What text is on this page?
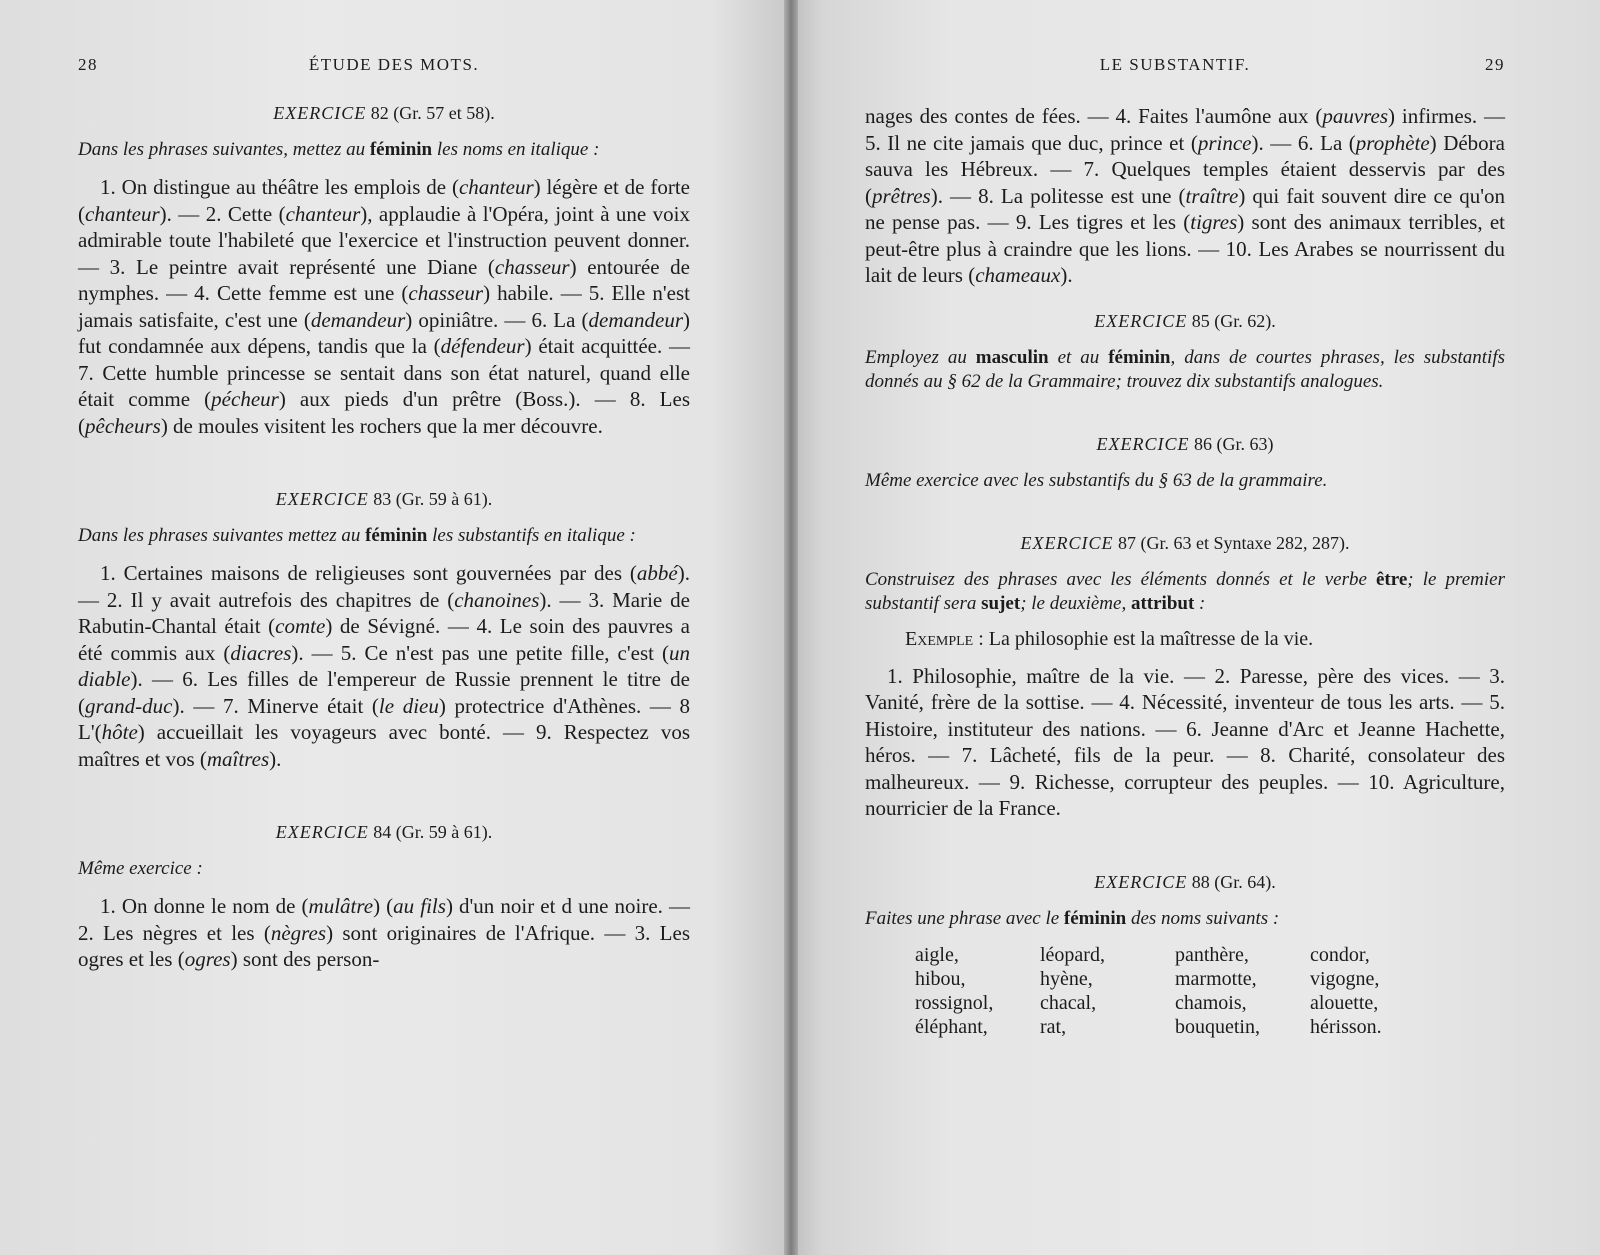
28	ÉTUDE DES MOTS.
EXERCICE 82 (Gr. 57 et 58).

Dans les phrases suivantes, mettez au féminin les noms en italique :

1. On distingue au théâtre les emplois de (chanteur) légère et de forte (chanteur). — 2. Cette (chanteur), applaudie à l'Opéra, joint à une voix admirable toute l'habileté que l'exercice et l'instruction peuvent donner. — 3. Le peintre avait représenté une Diane (chasseur) entourée de nymphes. — 4. Cette femme est une (chasseur) habile. — 5. Elle n'est jamais satisfaite, c'est une (demandeur) opiniâtre. — 6. La (demandeur) fut condamnée aux dépens, tandis que la (défendeur) était acquittée. — 7. Cette humble princesse se sentait dans son état naturel, quand elle était comme (pécheur) aux pieds d'un prêtre (Boss.). — 8. Les (pêcheurs) de moules visitent les rochers que la mer découvre.

EXERCICE 83 (Gr. 59 à 61).

Dans les phrases suivantes mettez au féminin les substantifs en italique :

1. Certaines maisons de religieuses sont gouvernées par des (abbé). — 2. Il y avait autrefois des chapitres de (chanoines). — 3. Marie de Rabutin-Chantal était (comte) de Sévigné. — 4. Le soin des pauvres a été commis aux (diacres). — 5. Ce n'est pas une petite fille, c'est (un diable). — 6. Les filles de l'empereur de Russie prennent le titre de (grand-duc). — 7. Minerve était (le dieu) protectrice d'Athènes. — 8 L'(hôte) accueillait les voyageurs avec bonté. — 9. Respectez vos maîtres et vos (maîtres).

EXERCICE 84 (Gr. 59 à 61).

Même exercice :

1. On donne le nom de (mulâtre) (au fils) d'un noir et d une noire. — 2. Les nègres et les (nègres) sont originaires de l'Afrique. — 3. Les ogres et les (ogres) sont des person-

LE SUBSTANTIF.	29

nages des contes de fées. — 4. Faites l'aumône aux (pauvres) infirmes. — 5. Il ne cite jamais que duc, prince et (prince). — 6. La (prophète) Débora sauva les Hébreux. — 7. Quelques temples étaient desservis par des (prêtres). — 8. La politesse est une (traître) qui fait souvent dire ce qu'on ne pense pas. — 9. Les tigres et les (tigres) sont des animaux terribles, et peut-être plus à craindre que les lions. — 10. Les Arabes se nourrissent du lait de leurs (chameaux).

EXERCICE 85 (Gr. 62).

Employez au masculin et au féminin, dans de courtes phrases, les substantifs donnés au § 62 de la Grammaire; trouvez dix substantifs analogues.

EXERCICE 86 (Gr. 63)

Même exercice avec les substantifs du § 63 de la grammaire.

EXERCICE 87 (Gr. 63 et Syntaxe 282, 287).

Construisez des phrases avec les éléments donnés et le verbe être; le premier substantif sera sujet; le deuxième, attribut :

Exemple : La philosophie est la maîtresse de la vie.

1. Philosophie, maître de la vie. — 2. Paresse, père des vices. — 3. Vanité, frère de la sottise. — 4. Nécessité, inventeur de tous les arts. — 5. Histoire, instituteur des nations. — 6. Jeanne d'Arc et Jeanne Hachette, héros. — 7. Lâcheté, fils de la peur. — 8. Charité, consolateur des malheureux. — 9. Richesse, corrupteur des peuples. — 10. Agriculture, nourricier de la France.

EXERCICE 88 (Gr. 64).

Faites une phrase avec le féminin des noms suivants :

aigle,	léopard,	panthère,	condor,
hibou,	hyène,	marmotte,	vigogne,
rossignol,	chacal,	chamois,	alouette,
éléphant,	rat,	bouquetin,	hérisson.
